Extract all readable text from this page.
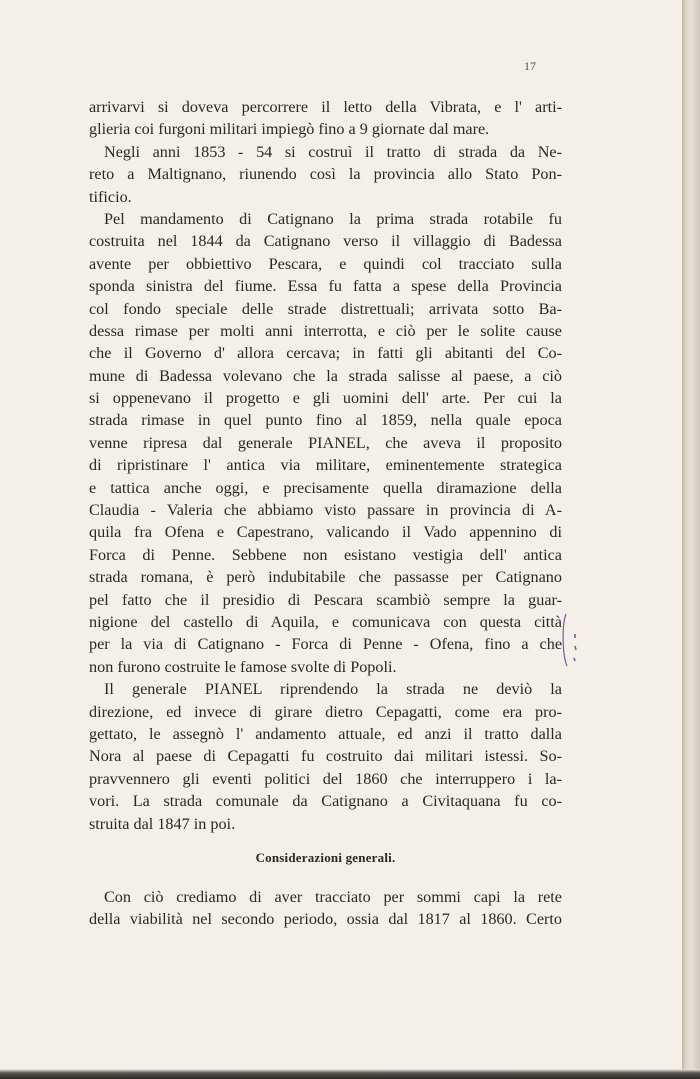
17
arrivarvi si doveva percorrere il letto della Vibrata, e l' arti-
glieria coi furgoni militari impiegò fino a 9 giornate dal mare.
Negli anni 1853 - 54 si costruì il tratto di strada da Ne-
reto a Maltignano, riunendo così la provincia allo Stato Pon-
tificio.
Pel mandamento di Catignano la prima strada rotabile fu
costruita nel 1844 da Catignano verso il villaggio di Badessa
avente per obbiettivo Pescara, e quindi col tracciato sulla
sponda sinistra del fiume. Essa fu fatta a spese della Provincia
col fondo speciale delle strade distrettuali; arrivata sotto Ba-
dessa rimase per molti anni interrotta, e ciò per le solite cause
che il Governo d' allora cercava; in fatti gli abitanti del Co-
mune di Badessa volevano che la strada salisse al paese, a ciò
si oppenevano il progetto e gli uomini dell' arte. Per cui la
strada rimase in quel punto fino al 1859, nella quale epoca
venne ripresa dal generale PIANEL, che aveva il proposito
di ripristinare l' antica via militare, eminentemente strategica
e tattica anche oggi, e precisamente quella diramazione della
Claudia - Valeria che abbiamo visto passare in provincia di A-
quila fra Ofena e Capestrano, valicando il Vado appennino di
Forca di Penne. Sebbene non esistano vestigia dell' antica
strada romana, è però indubitabile che passasse per Catignano
pel fatto che il presidio di Pescara scambiò sempre la guar-
nigione del castello di Aquila, e comunicava con questa città
per la via di Catignano - Forca di Penne - Ofena, fino a che
non furono costruite le famose svolte di Popoli.
Il generale PIANEL riprendendo la strada ne deviò la
direzione, ed invece di girare dietro Cepagatti, come era pro-
gettato, le assegnò l' andamento attuale, ed anzi il tratto dalla
Nora al paese di Cepagatti fu costruito dai militari istessi. So-
pravvennero gli eventi politici del 1860 che interruppero i la-
vori. La strada comunale da Catignano a Civitaquana fu co-
struita dal 1847 in poi.
Considerazioni generali.
Con ciò crediamo di aver tracciato per sommi capi la rete
della viabilità nel secondo periodo, ossia dal 1817 al 1860. Certo
